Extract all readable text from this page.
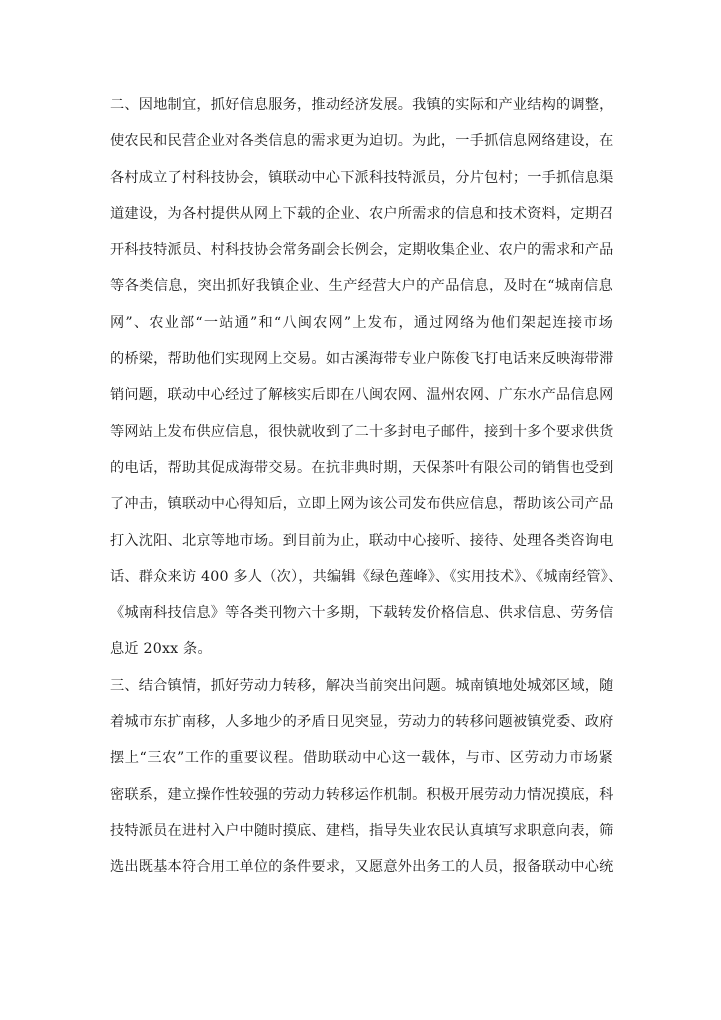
二、因地制宜，抓好信息服务，推动经济发展。我镇的实际和产业结构的调整，
使农民和民营企业对各类信息的需求更为迫切。为此，一手抓信息网络建设，在
各村成立了村科技协会，镇联动中心下派科技特派员，分片包村；一手抓信息渠
道建设，为各村提供从网上下载的企业、农户所需求的信息和技术资料，定期召
开科技特派员、村科技协会常务副会长例会，定期收集企业、农户的需求和产品
等各类信息，突出抓好我镇企业、生产经营大户的产品信息，及时在“城南信息
网”、农业部“一站通”和“八闽农网”上发布，通过网络为他们架起连接市场
的桥梁，帮助他们实现网上交易。如古溪海带专业户陈俊飞打电话来反映海带滞
销问题，联动中心经过了解核实后即在八闽农网、温州农网、广东水产品信息网
等网站上发布供应信息，很快就收到了二十多封电子邮件，接到十多个要求供货
的电话，帮助其促成海带交易。在抗非典时期，天保茶叶有限公司的销售也受到
了冲击，镇联动中心得知后，立即上网为该公司发布供应信息，帮助该公司产品
打入沈阳、北京等地市场。到目前为止，联动中心接听、接待、处理各类咨询电
话、群众来访 400 多人（次），共编辑《绿色莲峰》、《实用技术》、《城南经管》、
《城南科技信息》等各类刊物六十多期，下载转发价格信息、供求信息、劳务信
息近 20xx 条。
三、结合镇情，抓好劳动力转移，解决当前突出问题。城南镇地处城郊区域，随
着城市东扩南移，人多地少的矛盾日见突显，劳动力的转移问题被镇党委、政府
摆上“三农”工作的重要议程。借助联动中心这一载体，与市、区劳动力市场紧
密联系，建立操作性较强的劳动力转移运作机制。积极开展劳动力情况摸底，科
技特派员在进村入户中随时摸底、建档，指导失业农民认真填写求职意向表，筛
选出既基本符合用工单位的条件要求，又愿意外出务工的人员，报备联动中心统
